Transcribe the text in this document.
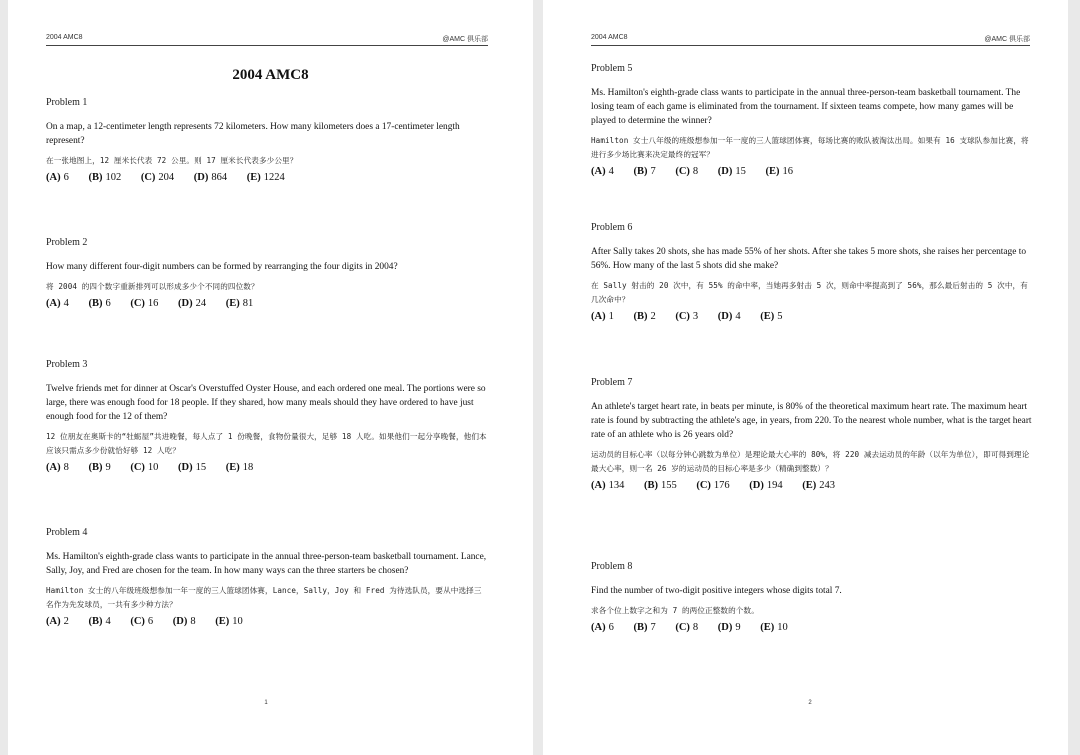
2004 AMC8	@AMC 俱乐部
2004 AMC8
Problem 1
On a map, a 12-centimeter length represents 72 kilometers. How many kilometers does a 17-centimeter length represent?
在一张地图上，12 厘米长代表 72 公里。则 17 厘米长代表多少公里？
(A) 6 (B) 102 (C) 204 (D) 864 (E) 1224
Problem 2
How many different four-digit numbers can be formed by rearranging the four digits in 2004?
将 2004 的四个数字重新排列可以形成多少个不同的四位数？
(A) 4 (B) 6 (C) 16 (D) 24 (E) 81
Problem 3
Twelve friends met for dinner at Oscar's Overstuffed Oyster House, and each ordered one meal. The portions were so large, there was enough food for 18 people. If they shared, how many meals should they have ordered to have just enough food for the 12 of them?
12 位朋友在奥斯卡的“牡蛎屋”共进晚餐，每人点了 1 份晚餐，食物份量很大，足够 18 人吃。如果他们一起分享晚餐，他们本应该只需点多少份就恰好够 12 人吃？
(A) 8 (B) 9 (C) 10 (D) 15 (E) 18
Problem 4
Ms. Hamilton's eighth-grade class wants to participate in the annual three-person-team basketball tournament. Lance, Sally, Joy, and Fred are chosen for the team. In how many ways can the three starters be chosen?
Hamilton 女士的八年级班级想参加一年一度的三人篮球团体赛，Lance，Sally，Joy 和 Fred 为待选队员，要从中选择三名作为先发球员，一共有多少种方法？
(A) 2 (B) 4 (C) 6 (D) 8 (E) 10
1
2004 AMC8	@AMC 俱乐部
Problem 5
Ms. Hamilton's eighth-grade class wants to participate in the annual three-person-team basketball tournament. The losing team of each game is eliminated from the tournament. If sixteen teams compete, how many games will be played to determine the winner?
Hamilton 女士八年级的班级想参加一年一度的三人篮球团体赛，每场比赛的败队被淘汰出局。如果有 16 支球队参加比赛，将进行多少场比赛来决定最终的冠军？
(A) 4 (B) 7 (C) 8 (D) 15 (E) 16
Problem 6
After Sally takes 20 shots, she has made 55% of her shots. After she takes 5 more shots, she raises her percentage to 56%. How many of the last 5 shots did she make?
在 Sally 射击的 20 次中，有 55% 的命中率，当她再多射击 5 次，则命中率提高到了 56%，那么最后射击的 5 次中，有几次命中？
(A) 1 (B) 2 (C) 3 (D) 4 (E) 5
Problem 7
An athlete's target heart rate, in beats per minute, is 80% of the theoretical maximum heart rate. The maximum heart rate is found by subtracting the athlete's age, in years, from 220. To the nearest whole number, what is the target heart rate of an athlete who is 26 years old?
运动员的目标心率（以每分钟心跳数为单位）是理论最大心率的 80%，将 220 减去运动员的年龄（以年为单位），即可得到理论最大心率，则一名 26 岁的运动员的目标心率是多少（精确到整数）？
(A) 134 (B) 155 (C) 176 (D) 194 (E) 243
Problem 8
Find the number of two-digit positive integers whose digits total 7.
求各个位上数字之和为 7 的两位正整数的个数。
(A) 6 (B) 7 (C) 8 (D) 9 (E) 10
2
